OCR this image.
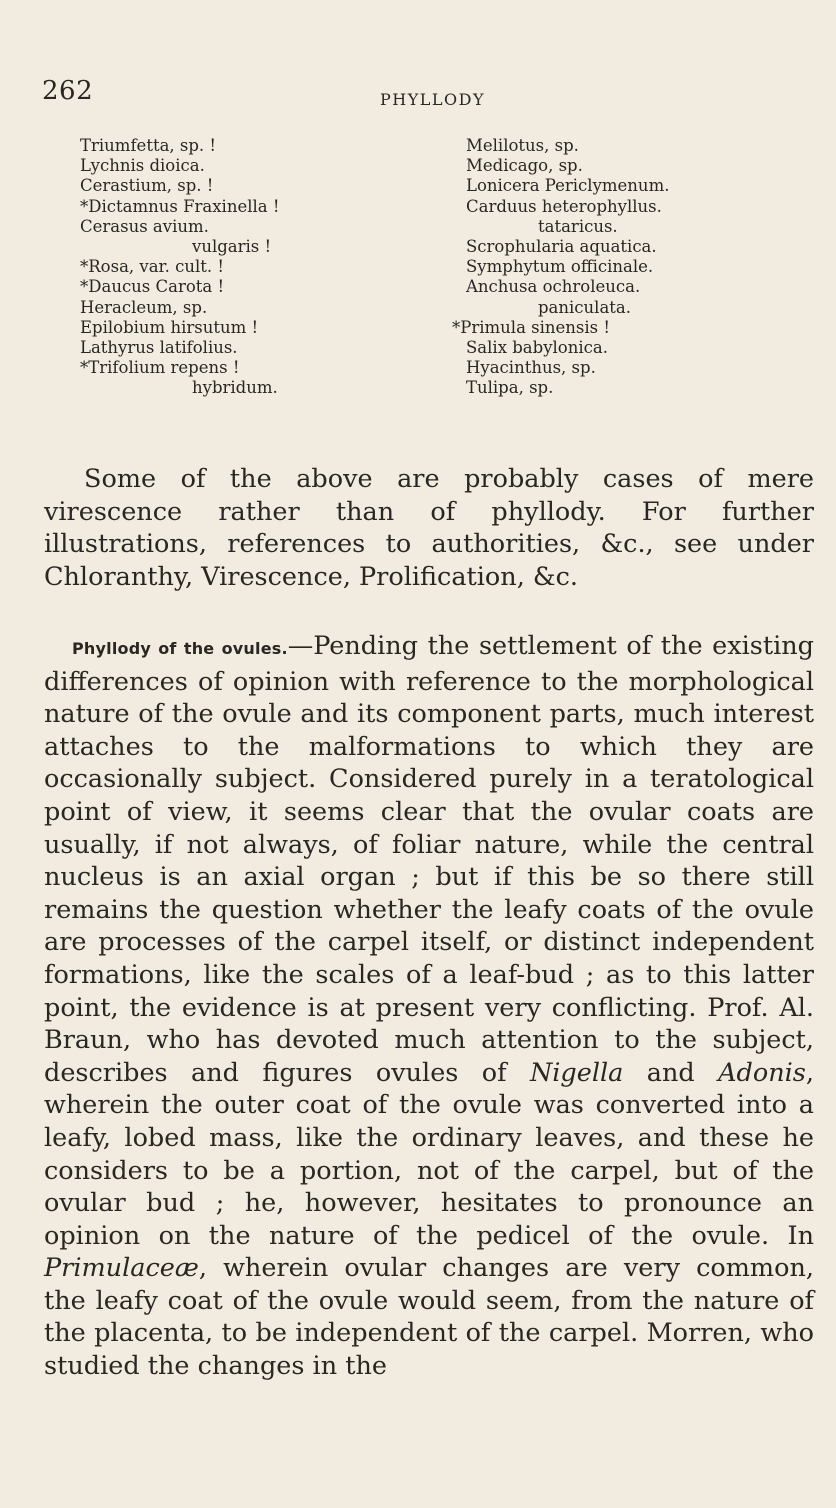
262	PHYLLODY
Triumfetta, sp. !
Lychnis dioica.
Cerastium, sp. !
*Dictamnus Fraxinella !
Cerasus avium.
vulgaris !
*Rosa, var. cult. !
*Daucus Carota !
Heracleum, sp.
Epilobium hirsutum !
Lathyrus latifolius.
*Trifolium repens !
hybridum.
Melilotus, sp.
Medicago, sp.
Lonicera Periclymenum.
Carduus heterophyllus.
tataricus.
Scrophularia aquatica.
Symphytum officinale.
Anchusa ochroleuca.
paniculata.
*Primula sinensis !
Salix babylonica.
Hyacinthus, sp.
Tulipa, sp.

Some of the above are probably cases of mere virescence rather than of phyllody. For further illustrations, references to authorities, &c., see under Chloranthy, Virescence, Prolification, &c.

Phyllody of the ovules.—Pending the settlement of the existing differences of opinion with reference to the morphological nature of the ovule and its component parts, much interest attaches to the malformations to which they are occasionally subject. Considered purely in a teratological point of view, it seems clear that the ovular coats are usually, if not always, of foliar nature, while the central nucleus is an axial organ ; but if this be so there still remains the question whether the leafy coats of the ovule are processes of the carpel itself, or distinct independent formations, like the scales of a leaf-bud ; as to this latter point, the evidence is at present very conflicting. Prof. Al. Braun, who has devoted much attention to the subject, describes and figures ovules of Nigella and Adonis, wherein the outer coat of the ovule was converted into a leafy, lobed mass, like the ordinary leaves, and these he considers to be a portion, not of the carpel, but of the ovular bud ; he, however, hesitates to pronounce an opinion on the nature of the pedicel of the ovule. In Primulaceæ, wherein ovular changes are very common, the leafy coat of the ovule would seem, from the nature of the placenta, to be independent of the carpel. Morren, who studied the changes in the
